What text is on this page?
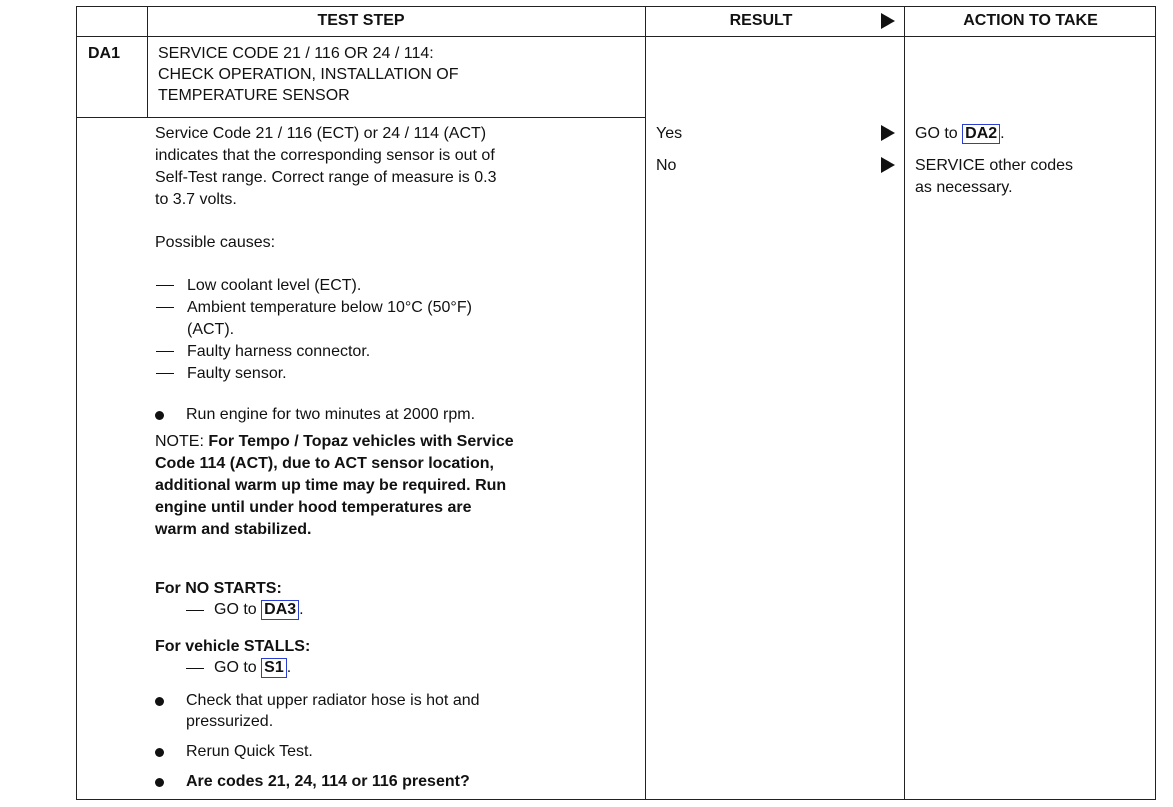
TEST STEP	RESULT	ACTION TO TAKE
DA1 SERVICE CODE 21 / 116 OR 24 / 114:
CHECK OPERATION, INSTALLATION OF
TEMPERATURE SENSOR
Service Code 21 / 116 (ECT) or 24 / 114 (ACT)
indicates that the corresponding sensor is out of
Self-Test range. Correct range of measure is 0.3
to 3.7 volts.
Possible causes:
Low coolant level (ECT).
Ambient temperature below 10°C (50°F)
(ACT).
Faulty harness connector.
Faulty sensor.
Run engine for two minutes at 2000 rpm.
NOTE: For Tempo / Topaz vehicles with Service
Code 114 (ACT), due to ACT sensor location,
additional warm up time may be required. Run
engine until under hood temperatures are
warm and stabilized.
For NO STARTS:
GO to DA3 .
For vehicle STALLS:
GO to S1 .
Check that upper radiator hose is hot and
pressurized.
Rerun Quick Test.
Are codes 21, 24, 114 or 116 present?
Yes
No
GO to DA2 .
SERVICE other codes
as necessary.
